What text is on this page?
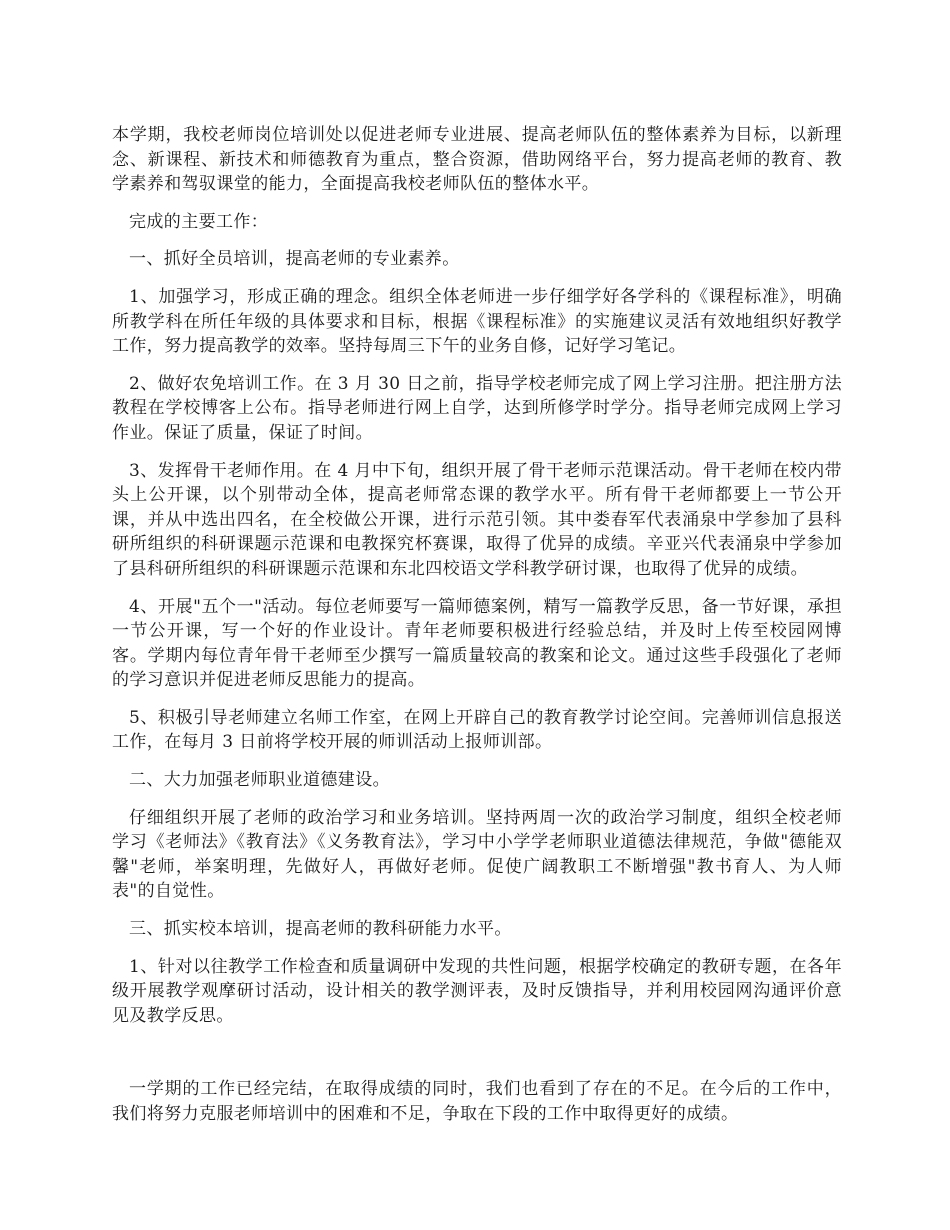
本学期，我校老师岗位培训处以促进老师专业进展、提高老师队伍的整体素养为目标，以新理念、新课程、新技术和师德教育为重点，整合资源，借助网络平台，努力提高老师的教育、教学素养和驾驭课堂的能力，全面提高我校老师队伍的整体水平。

完成的主要工作：

一、抓好全员培训，提高老师的专业素养。

1、加强学习，形成正确的理念。组织全体老师进一步仔细学好各学科的《课程标准》，明确所教学科在所任年级的具体要求和目标，根据《课程标准》的实施建议灵活有效地组织好教学工作，努力提高教学的效率。坚持每周三下午的业务自修，记好学习笔记。

2、做好农免培训工作。在 3 月 30 日之前，指导学校老师完成了网上学习注册。把注册方法教程在学校博客上公布。指导老师进行网上自学，达到所修学时学分。指导老师完成网上学习作业。保证了质量，保证了时间。

3、发挥骨干老师作用。在 4 月中下旬，组织开展了骨干老师示范课活动。骨干老师在校内带头上公开课，以个别带动全体，提高老师常态课的教学水平。所有骨干老师都要上一节公开课，并从中选出四名，在全校做公开课，进行示范引领。其中娄春军代表涌泉中学参加了县科研所组织的科研课题示范课和电教探究杯赛课，取得了优异的成绩。辛亚兴代表涌泉中学参加了县科研所组织的科研课题示范课和东北四校语文学科教学研讨课，也取得了优异的成绩。

4、开展"五个一"活动。每位老师要写一篇师德案例，精写一篇教学反思，备一节好课，承担一节公开课，写一个好的作业设计。青年老师要积极进行经验总结，并及时上传至校园网博客。学期内每位青年骨干老师至少撰写一篇质量较高的教案和论文。通过这些手段强化了老师的学习意识并促进老师反思能力的提高。

5、积极引导老师建立名师工作室，在网上开辟自己的教育教学讨论空间。完善师训信息报送工作，在每月 3 日前将学校开展的师训活动上报师训部。

二、大力加强老师职业道德建设。

仔细组织开展了老师的政治学习和业务培训。坚持两周一次的政治学习制度，组织全校老师学习《老师法》《教育法》《义务教育法》，学习中小学学老师职业道德法律规范，争做"德能双馨"老师，举案明理，先做好人，再做好老师。促使广阔教职工不断增强"教书育人、为人师表"的自觉性。

三、抓实校本培训，提高老师的教科研能力水平。

1、针对以往教学工作检查和质量调研中发现的共性问题，根据学校确定的教研专题，在各年级开展教学观摩研讨活动，设计相关的教学测评表，及时反馈指导，并利用校园网沟通评价意见及教学反思。

一学期的工作已经完结，在取得成绩的同时，我们也看到了存在的不足。在今后的工作中，我们将努力克服老师培训中的困难和不足，争取在下段的工作中取得更好的成绩。
